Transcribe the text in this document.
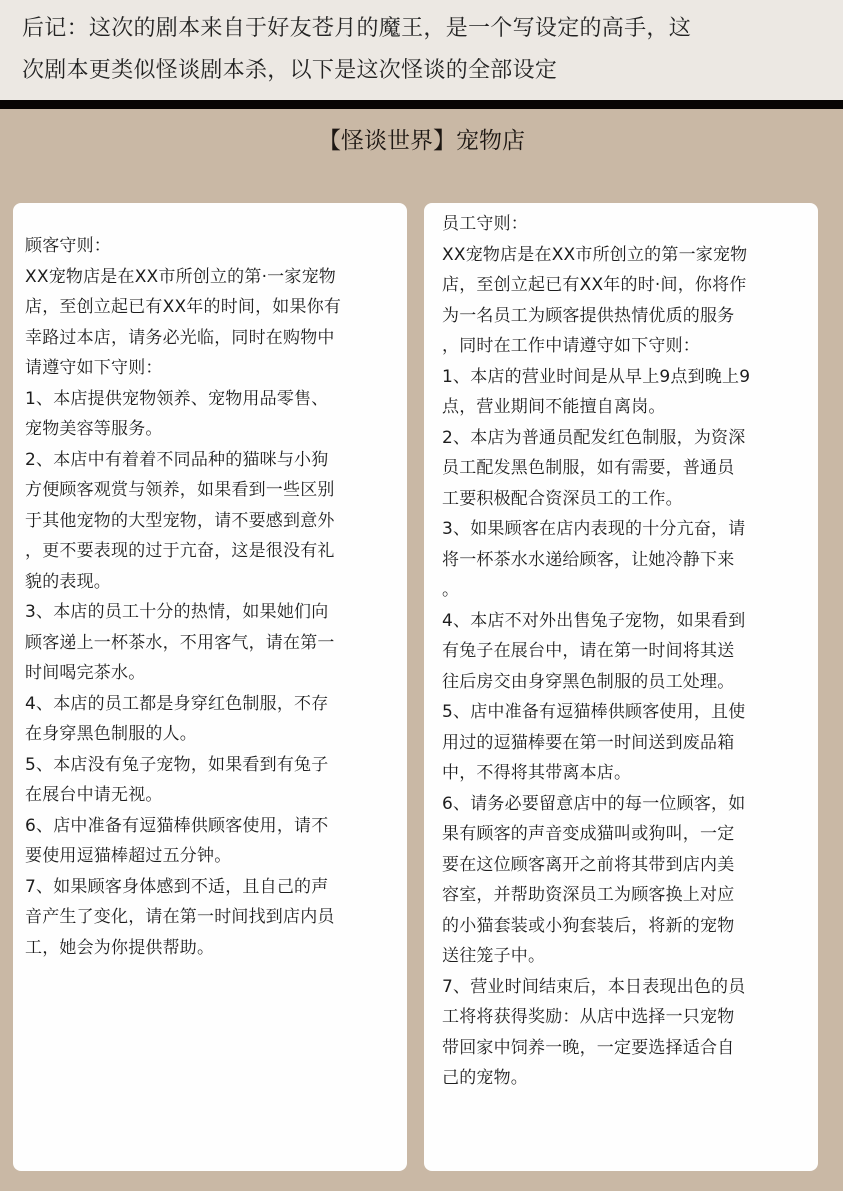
后记：这次的剧本来自于好友苍月的魔王，是一个写设定的高手，这

次剧本更类似怪谈剧本杀，以下是这次怪谈的全部设定

【怪谈世界】宠物店
顾客守则：
XX宠物店是在XX市所创立的第·一家宠物
店，至创立起已有XX年的时间，如果你有
幸路过本店，请务必光临，同时在购物中
请遵守如下守则：
1、本店提供宠物领养、宠物用品零售、
宠物美容等服务。
2、本店中有着着不同品种的猫咪与小狗
方便顾客观赏与领养，如果看到一些区别
于其他宠物的大型宠物，请不要感到意外
，更不要表现的过于亢奋，这是很没有礼
貌的表现。
3、本店的员工十分的热情，如果她们向
顾客递上一杯茶水，不用客气，请在第一
时间喝完茶水。
4、本店的员工都是身穿红色制服，不存
在身穿黑色制服的人。
5、本店没有兔子宠物，如果看到有兔子
在展台中请无视。
6、店中准备有逗猫棒供顾客使用，请不
要使用逗猫棒超过五分钟。
7、如果顾客身体感到不适，且自己的声
音产生了变化，请在第一时间找到店内员
工，她会为你提供帮助。
员工守则：
XX宠物店是在XX市所创立的第一家宠物
店，至创立起已有XX年的时·间，你将作
为一名员工为顾客提供热情优质的服务
，同时在工作中请遵守如下守则：
1、本店的营业时间是从早上9点到晚上9
点，营业期间不能擅自离岗。
2、本店为普通员配发红色制服，为资深
员工配发黑色制服，如有需要，普通员
工要积极配合资深员工的工作。
3、如果顾客在店内表现的十分亢奋，请
将一杯茶水水递给顾客，让她冷静下来
。
4、本店不对外出售兔子宠物，如果看到
有兔子在展台中，请在第一时间将其送
往后房交由身穿黑色制服的员工处理。
5、店中准备有逗猫棒供顾客使用，且使
用过的逗猫棒要在第一时间送到废品箱
中，不得将其带离本店。
6、请务必要留意店中的每一位顾客，如
果有顾客的声音变成猫叫或狗叫，一定
要在这位顾客离开之前将其带到店内美
容室，并帮助资深员工为顾客换上对应
的小猫套装或小狗套装后，将新的宠物
送往笼子中。
7、营业时间结束后，本日表现出色的员
工将将获得奖励：从店中选择一只宠物
带回家中饲养一晚，一定要选择适合自
己的宠物。
